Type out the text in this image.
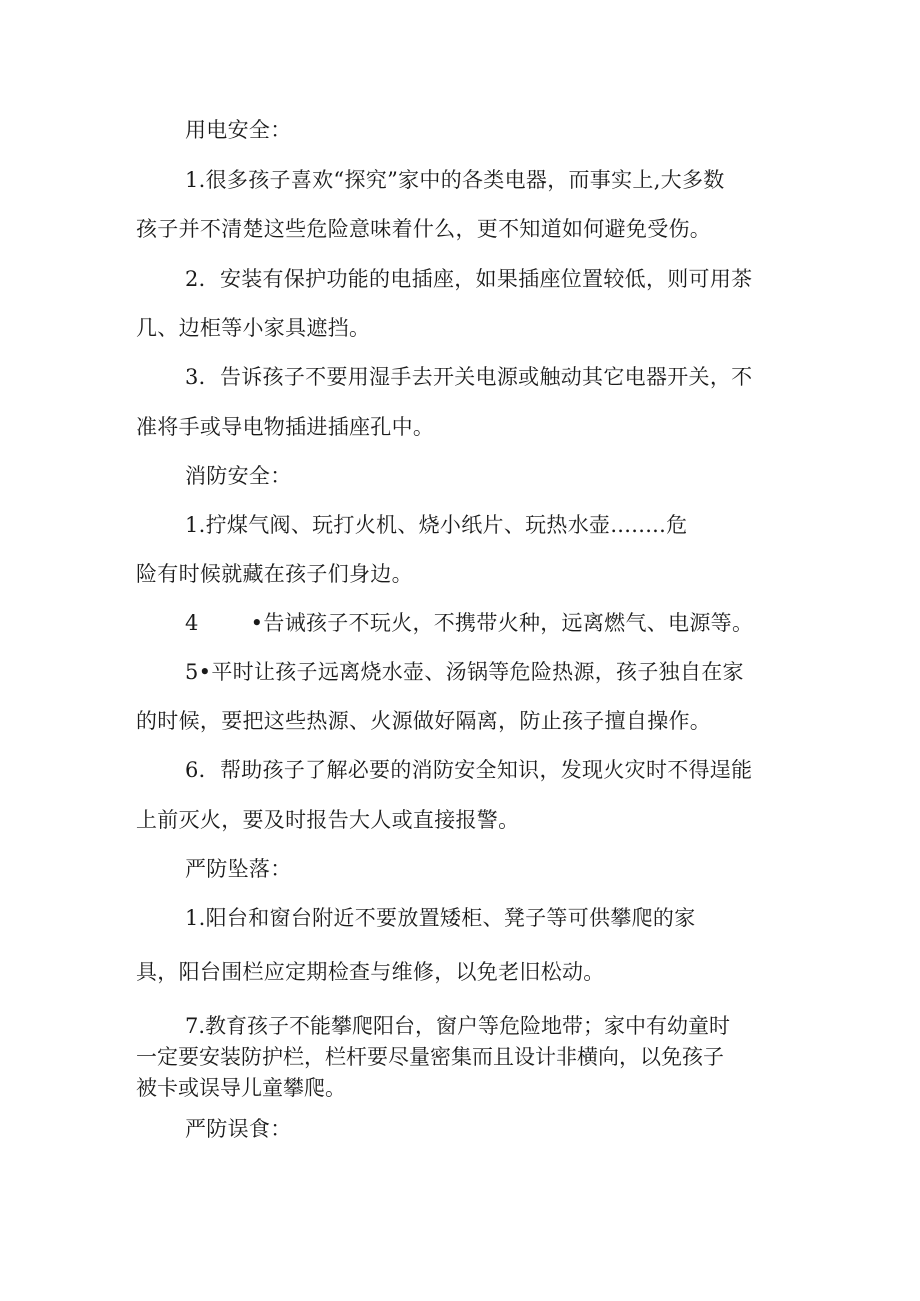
用电安全：

1.很多孩子喜欢“探究”家中的各类电器，而事实上,大多数

孩子并不清楚这些危险意味着什么，更不知道如何避免受伤。

2．安装有保护功能的电插座，如果插座位置较低，则可用茶

几、边柜等小家具遮挡。

3．告诉孩子不要用湿手去开关电源或触动其它电器开关，不

准将手或导电物插进插座孔中。

消防安全：

1.拧煤气阀、玩打火机、烧小纸片、玩热水壶........危

险有时候就藏在孩子们身边。

4 •告诫孩子不玩火，不携带火种，远离燃气、电源等。

5•平时让孩子远离烧水壶、汤锅等危险热源，孩子独自在家

的时候，要把这些热源、火源做好隔离，防止孩子擅自操作。

6．帮助孩子了解必要的消防安全知识，发现火灾时不得逞能

上前灭火，要及时报告大人或直接报警。

严防坠落：

1.阳台和窗台附近不要放置矮柜、凳子等可供攀爬的家

具，阳台围栏应定期检查与维修，以免老旧松动。

7.教育孩子不能攀爬阳台，窗户等危险地带；家中有幼童时

一定要安装防护栏，栏杆要尽量密集而且设计非横向，以免孩子

被卡或误导儿童攀爬。

严防误食：
